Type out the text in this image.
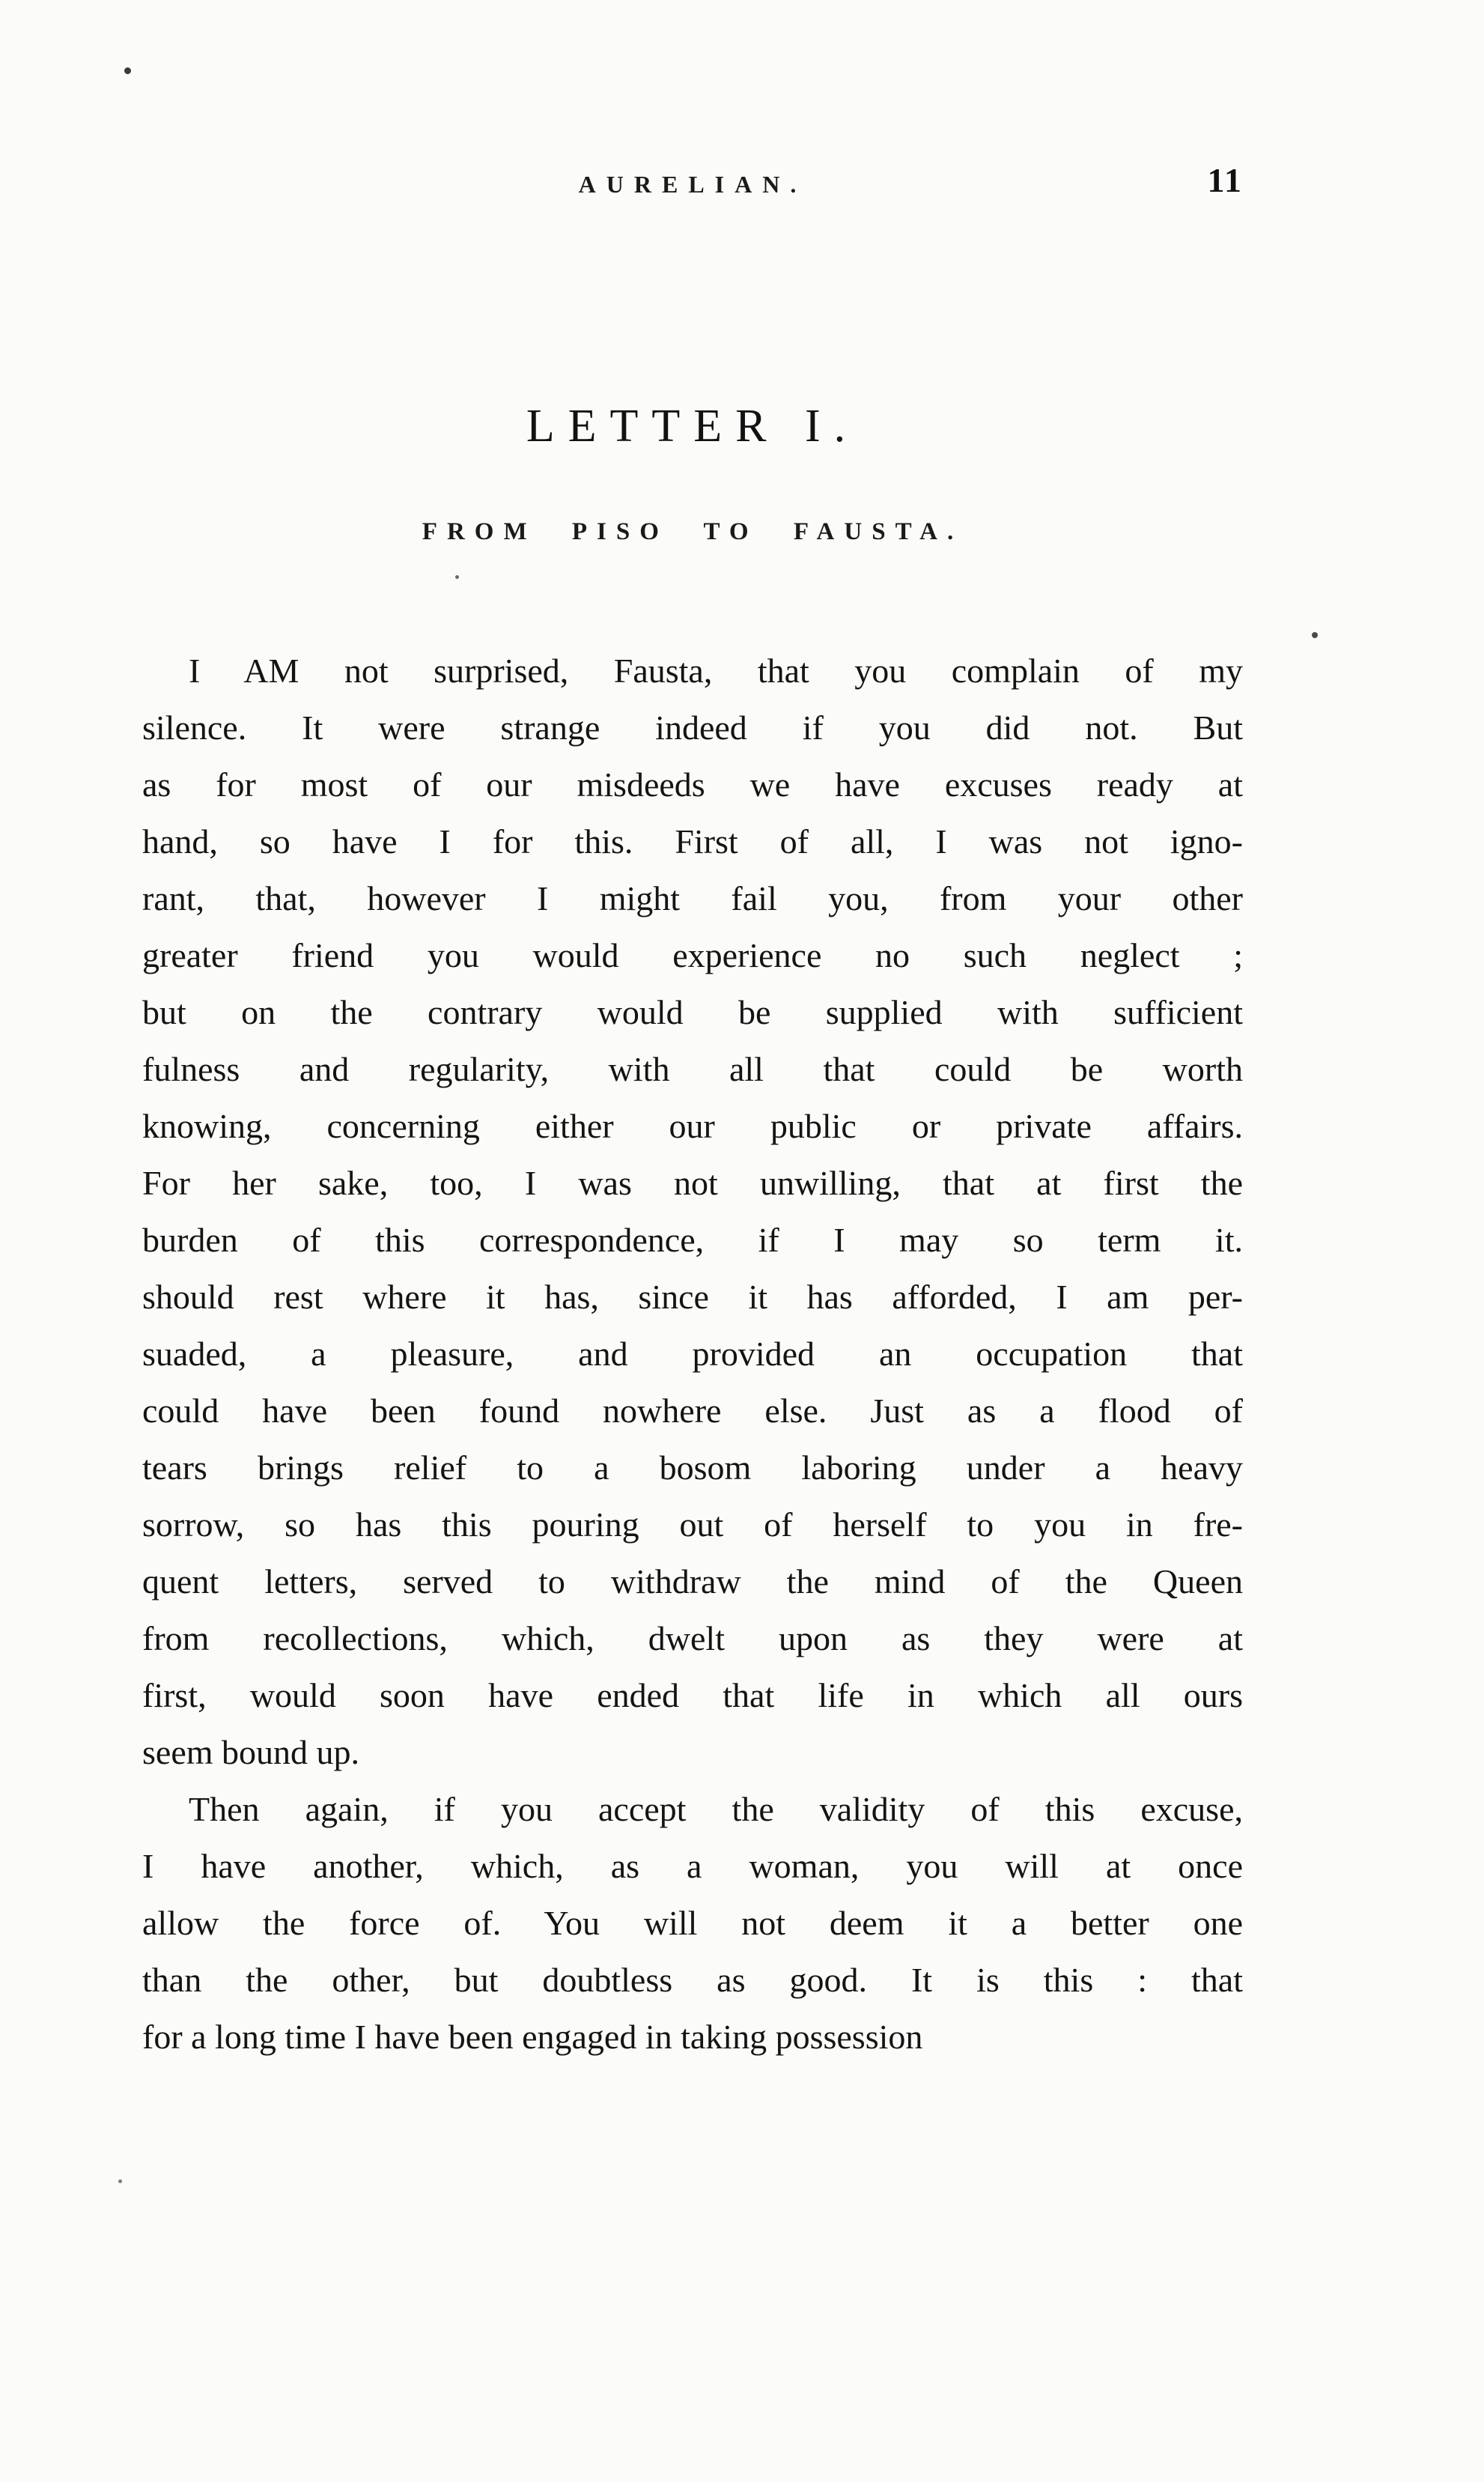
AURELIAN.	11
LETTER I.
FROM PISO TO FAUSTA.
I AM not surprised, Fausta, that you complain of my
silence. It were strange indeed if you did not. But
as for most of our misdeeds we have excuses ready at
hand, so have I for this. First of all, I was not igno-
rant, that, however I might fail you, from your other
greater friend you would experience no such neglect ;
but on the contrary would be supplied with sufficient
fulness and regularity, with all that could be worth
knowing, concerning either our public or private affairs.
For her sake, too, I was not unwilling, that at first the
burden of this correspondence, if I may so term it.
should rest where it has, since it has afforded, I am per-
suaded, a pleasure, and provided an occupation that
could have been found nowhere else. Just as a flood of
tears brings relief to a bosom laboring under a heavy
sorrow, so has this pouring out of herself to you in fre-
quent letters, served to withdraw the mind of the Queen
from recollections, which, dwelt upon as they were at
first, would soon have ended that life in which all ours
seem bound up.
Then again, if you accept the validity of this excuse,
I have another, which, as a woman, you will at once
allow the force of. You will not deem it a better one
than the other, but doubtless as good. It is this : that
for a long time I have been engaged in taking possession
